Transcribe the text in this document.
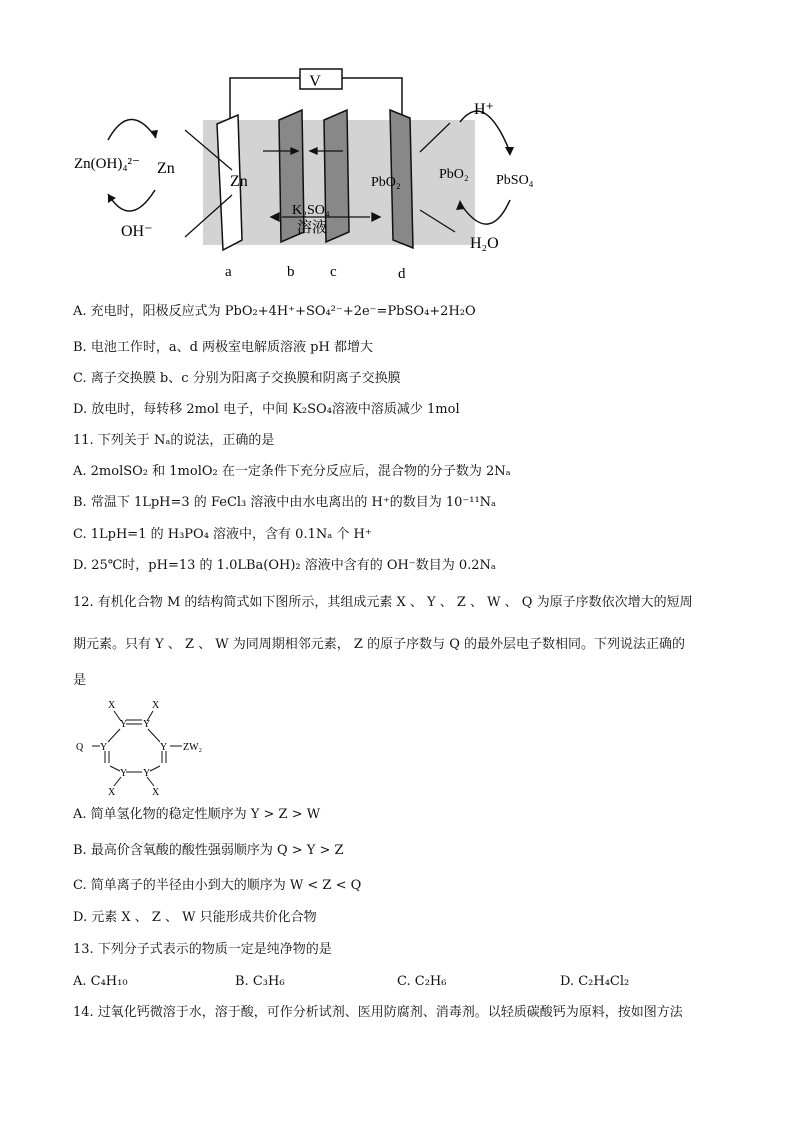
V
H⁺
Zn(OH)₄²⁻ Zn
Zn
OH⁻
PbO₂
PbO₂ PbSO₄
H₂O
K₂SO₄
溶液
a	b c	d
A. 充电时，阳极反应式为 PbO₂+4H⁺+SO₄²⁻+2e⁻=PbSO₄+2H₂O
B. 电池工作时，a、d 两极室电解质溶液 pH 都增大
C. 离子交换膜 b、c 分别为阳离子交换膜和阴离子交换膜
D. 放电时，每转移 2mol 电子，中间 K₂SO₄溶液中溶质减少 1mol
11. 下列关于 Nₐ的说法，正确的是
A. 2molSO₂ 和 1molO₂ 在一定条件下充分反应后，混合物的分子数为 2Nₐ
B. 常温下 1LpH=3 的 FeCl₃ 溶液中由水电离出的 H⁺的数目为 10⁻¹¹Nₐ
C. 1LpH=1 的 H₃PO₄ 溶液中，含有 0.1Nₐ 个 H⁺
D. 25℃时，pH=13 的 1.0LBa(OH)₂ 溶液中含有的 OH⁻数目为 0.2Nₐ
12. 有机化合物 M 的结构简式如下图所示，其组成元素 X 、 Y 、 Z 、 W 、 Q 为原子序数依次增大的短周
期元素。只有 Y 、 Z 、 W 为同周期相邻元素， Z 的原子序数与 Q 的最外层电子数相同。下列说法正确的
是
X	X
Y Y
Q Y	Y ZW₂
Y Y
X	X
A. 简单氢化物的稳定性顺序为 Y > Z > W
B. 最高价含氧酸的酸性强弱顺序为 Q > Y > Z
C. 简单离子的半径由小到大的顺序为 W < Z < Q
D. 元素 X 、 Z 、 W 只能形成共价化合物
13. 下列分子式表示的物质一定是纯净物的是
A. C₄H₁₀	B. C₃H₆	C. C₂H₆	D. C₂H₄Cl₂
14. 过氧化钙微溶于水，溶于酸，可作分析试剂、医用防腐剂、消毒剂。以轻质碳酸钙为原料，按如图方法
